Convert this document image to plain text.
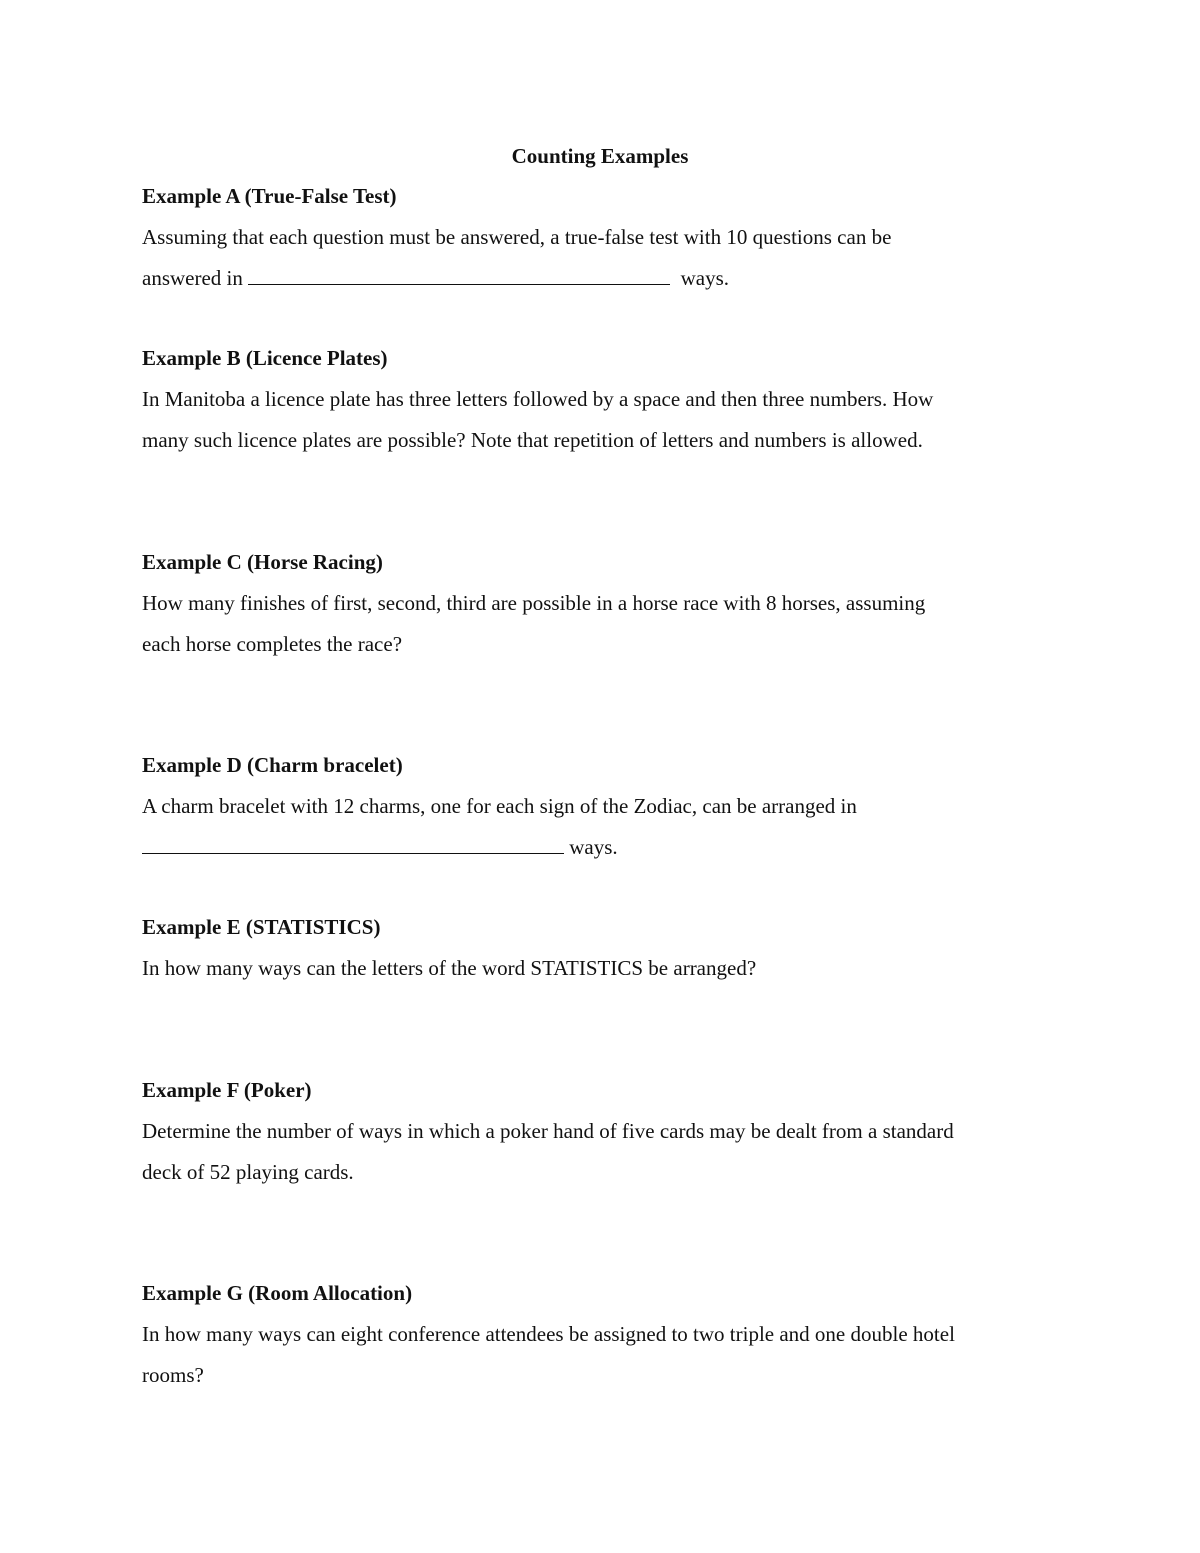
Counting Examples

Example A (True-False Test)

Assuming that each question must be answered, a true-false test with 10 questions can be

answered in	ways.

Example B (Licence Plates)

In Manitoba a licence plate has three letters followed by a space and then three numbers. How

many such licence plates are possible? Note that repetition of letters and numbers is allowed.

Example C (Horse Racing)

How many finishes of first, second, third are possible in a horse race with 8 horses, assuming

each horse completes the race?

Example D (Charm bracelet)

A charm bracelet with 12 charms, one for each sign of the Zodiac, can be arranged in

ways.

Example E (STATISTICS)

In how many ways can the letters of the word STATISTICS be arranged?

Example F (Poker)

Determine the number of ways in which a poker hand of five cards may be dealt from a standard

deck of 52 playing cards.

Example G (Room Allocation)

In how many ways can eight conference attendees be assigned to two triple and one double hotel

rooms?
